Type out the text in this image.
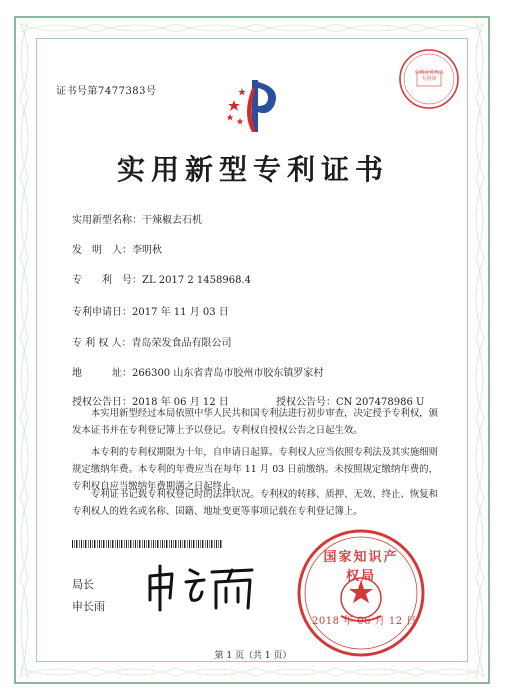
证书号第7477383号
专利业务代办专用章
实用新型专利证书
实用新型名称：干辣椒去石机
发　明　人：李明秋
专　　利　号：ZL 2017 2 1458968.4
专利申请日：2017 年 11 月 03 日
专 利 权 人：青岛荣发食品有限公司
地　　　址：266300 山东省青岛市胶州市胶东镇罗家村
授权公告日：2018 年 06 月 12 日	授权公告号：CN 207478986 U
本实用新型经过本局依照中华人民共和国专利法进行初步审查，决定授予专利权，颁发本证书并在专利登记簿上予以登记。专利权自授权公告之日起生效。
本专利的专利权期限为十年，自申请日起算。专利权人应当依照专利法及其实施细则规定缴纳年费。本专利的年费应当在每年 11 月 03 日前缴纳。未按照规定缴纳年费的，专利权自应当缴纳年费期满之日起终止。
专利证书记载专利权登记时的法律状况。专利权的转移、质押、无效、终止、恢复和专利权人的姓名或名称、国籍、地址变更等事项记载在专利登记簿上。
局长
申长雨
国家知识产权局
2018 年 06 月 12 日
第 1 页（共 1 页）
